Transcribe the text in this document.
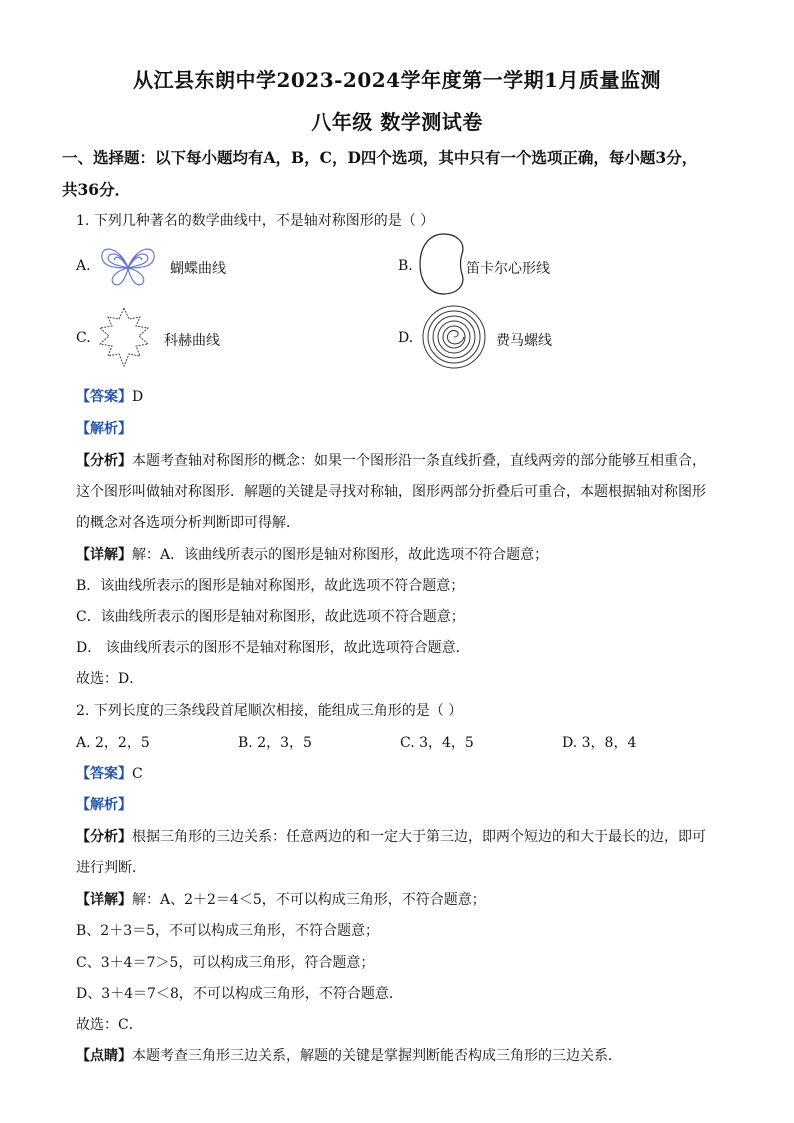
从江县东朗中学2023-2024学年度第一学期1月质量监测
八年级 数学测试卷
一、选择题：以下每小题均有A，B，C，D四个选项，其中只有一个选项正确，每小题3分，
共36分．
1. 下列几种著名的数学曲线中，不是轴对称图形的是（ ）
A.	蝴蝶曲线	B.	笛卡尔心形线
C.	科赫曲线	D.	费马螺线
【答案】D
【解析】
【分析】本题考查轴对称图形的概念：如果一个图形沿一条直线折叠，直线两旁的部分能够互相重合，
这个图形叫做轴对称图形．解题的关键是寻找对称轴，图形两部分折叠后可重合，本题根据轴对称图形
的概念对各选项分析判断即可得解．
【详解】解：A．该曲线所表示的图形是轴对称图形，故此选项不符合题意；
B．该曲线所表示的图形是轴对称图形，故此选项不符合题意；
C．该曲线所表示的图形是轴对称图形，故此选项不符合题意；
D． 该曲线所表示的图形不是轴对称图形，故此选项符合题意．
故选：D．
2. 下列长度的三条线段首尾顺次相接，能组成三角形的是（ ）
A. 2，2，5	B. 2，3，5	C. 3，4，5	D. 3，8，4
【答案】C
【解析】
【分析】根据三角形的三边关系：任意两边的和一定大于第三边，即两个短边的和大于最长的边，即可
进行判断．
【详解】解：A、2＋2＝4＜5，不可以构成三角形，不符合题意；
B、2＋3＝5，不可以构成三角形，不符合题意；
C、3＋4＝7＞5，可以构成三角形，符合题意；
D、3＋4＝7＜8，不可以构成三角形，不符合题意．
故选：C．
【点睛】本题考查三角形三边关系，解题的关键是掌握判断能否构成三角形的三边关系．
